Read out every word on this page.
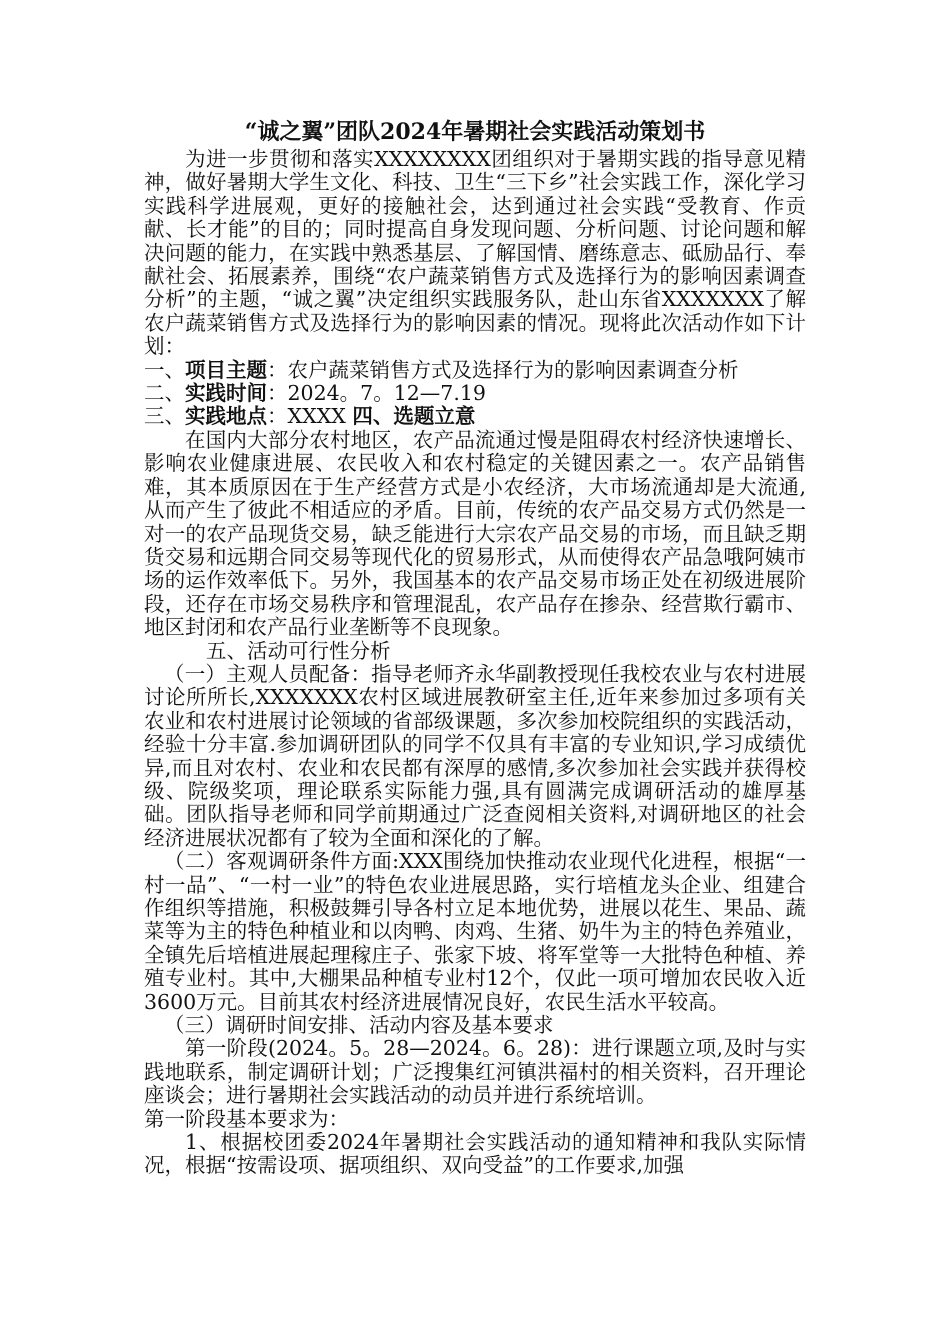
“诚之翼”团队2024年暑期社会实践活动策划书

为进一步贯彻和落实XXXXXXXX团组织对于暑期实践的指导意见精神，做好暑期大学生文化、科技、卫生“三下乡”社会实践工作，深化学习实践科学进展观，更好的接触社会，达到通过社会实践“受教育、作贡献、长才能”的目的；同时提高自身发现问题、分析问题、讨论问题和解决问题的能力，在实践中熟悉基层、了解国情、磨练意志、砥励品行、奉献社会、拓展素养，围绕“农户蔬菜销售方式及选择行为的影响因素调查分析”的主题，“诚之翼”决定组织实践服务队，赴山东省XXXXXXX了解农户蔬菜销售方式及选择行为的影响因素的情况。现将此次活动作如下计划：

一、项目主题：农户蔬菜销售方式及选择行为的影响因素调查分析

二、实践时间：2024。7。12—7.19

三、实践地点：XXXX 四、选题立意

在国内大部分农村地区，农产品流通过慢是阻碍农村经济快速增长、影响农业健康进展、农民收入和农村稳定的关键因素之一。农产品销售难，其本质原因在于生产经营方式是小农经济，大市场流通却是大流通,从而产生了彼此不相适应的矛盾。目前，传统的农产品交易方式仍然是一对一的农产品现货交易，缺乏能进行大宗农产品交易的市场，而且缺乏期货交易和远期合同交易等现代化的贸易形式，从而使得农产品急哦阿姨市场的运作效率低下。另外，我国基本的农产品交易市场正处在初级进展阶段，还存在市场交易秩序和管理混乱，农产品存在掺杂、经营欺行霸市、地区封闭和农产品行业垄断等不良现象。

五、活动可行性分析

（一）主观人员配备：指导老师齐永华副教授现任我校农业与农村进展讨论所所长,XXXXXXX农村区域进展教研室主任,近年来参加过多项有关农业和农村进展讨论领域的省部级课题，多次参加校院组织的实践活动，经验十分丰富.参加调研团队的同学不仅具有丰富的专业知识,学习成绩优异,而且对农村、农业和农民都有深厚的感情,多次参加社会实践并获得校级、院级奖项，理论联系实际能力强,具有圆满完成调研活动的雄厚基础。团队指导老师和同学前期通过广泛查阅相关资料,对调研地区的社会经济进展状况都有了较为全面和深化的了解。

（二）客观调研条件方面:XXX围绕加快推动农业现代化进程，根据“一村一品”、“一村一业”的特色农业进展思路，实行培植龙头企业、组建合作组织等措施，积极鼓舞引导各村立足本地优势，进展以花生、果品、蔬菜等为主的特色种植业和以肉鸭、肉鸡、生猪、奶牛为主的特色养殖业，全镇先后培植进展起理稼庄子、张家下坡、将军堂等一大批特色种植、养殖专业村。其中,大棚果品种植专业村12个，仅此一项可增加农民收入近3600万元。目前其农村经济进展情况良好，农民生活水平较高。

（三）调研时间安排、活动内容及基本要求

第一阶段(2024。5。28—2024。6。28)：进行课题立项,及时与实践地联系，制定调研计划；广泛搜集红河镇洪福村的相关资料，召开理论座谈会；进行暑期社会实践活动的动员并进行系统培训。

第一阶段基本要求为：

1、根据校团委2024年暑期社会实践活动的通知精神和我队实际情况，根据“按需设项、据项组织、双向受益”的工作要求,加强
